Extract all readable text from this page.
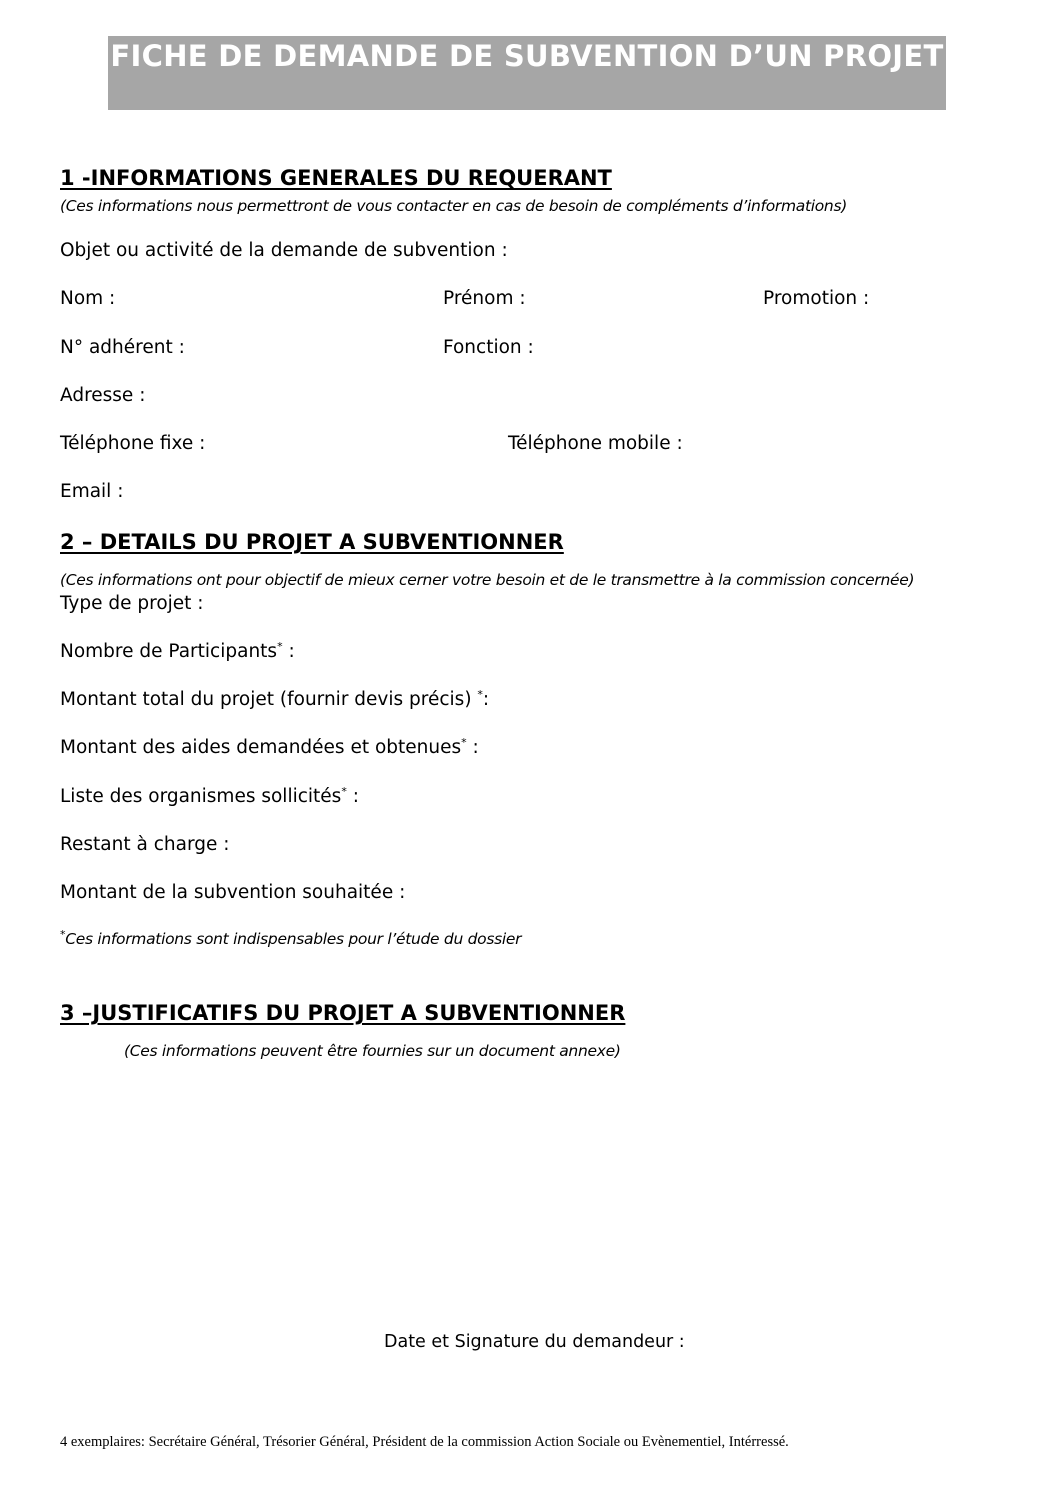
FICHE DE DEMANDE DE SUBVENTION D’UN PROJET
1 -INFORMATIONS GENERALES DU REQUERANT
(Ces informations nous permettront de vous contacter en cas de besoin de compléments d’informations)
Objet ou activité de la demande de subvention :
Nom :	Prénom :	Promotion :
N° adhérent :	Fonction :
Adresse :
Téléphone fixe :	Téléphone mobile :
Email :
2 – DETAILS DU PROJET A SUBVENTIONNER
(Ces informations ont pour objectif de mieux cerner votre besoin et de le transmettre à la commission concernée)
Type de projet :
Nombre de Participants* :
Montant total du projet (fournir devis précis) *:
Montant des aides demandées et obtenues* :
Liste des organismes sollicités* :
Restant à charge :
Montant de la subvention souhaitée :
*Ces informations sont indispensables pour l’étude du dossier
3 –JUSTIFICATIFS DU PROJET A SUBVENTIONNER
(Ces informations peuvent être fournies sur un document annexe)
Date et Signature du demandeur :
4 exemplaires: Secrétaire Général, Trésorier Général, Président de la commission Action Sociale ou Evènementiel, Intérressé.
